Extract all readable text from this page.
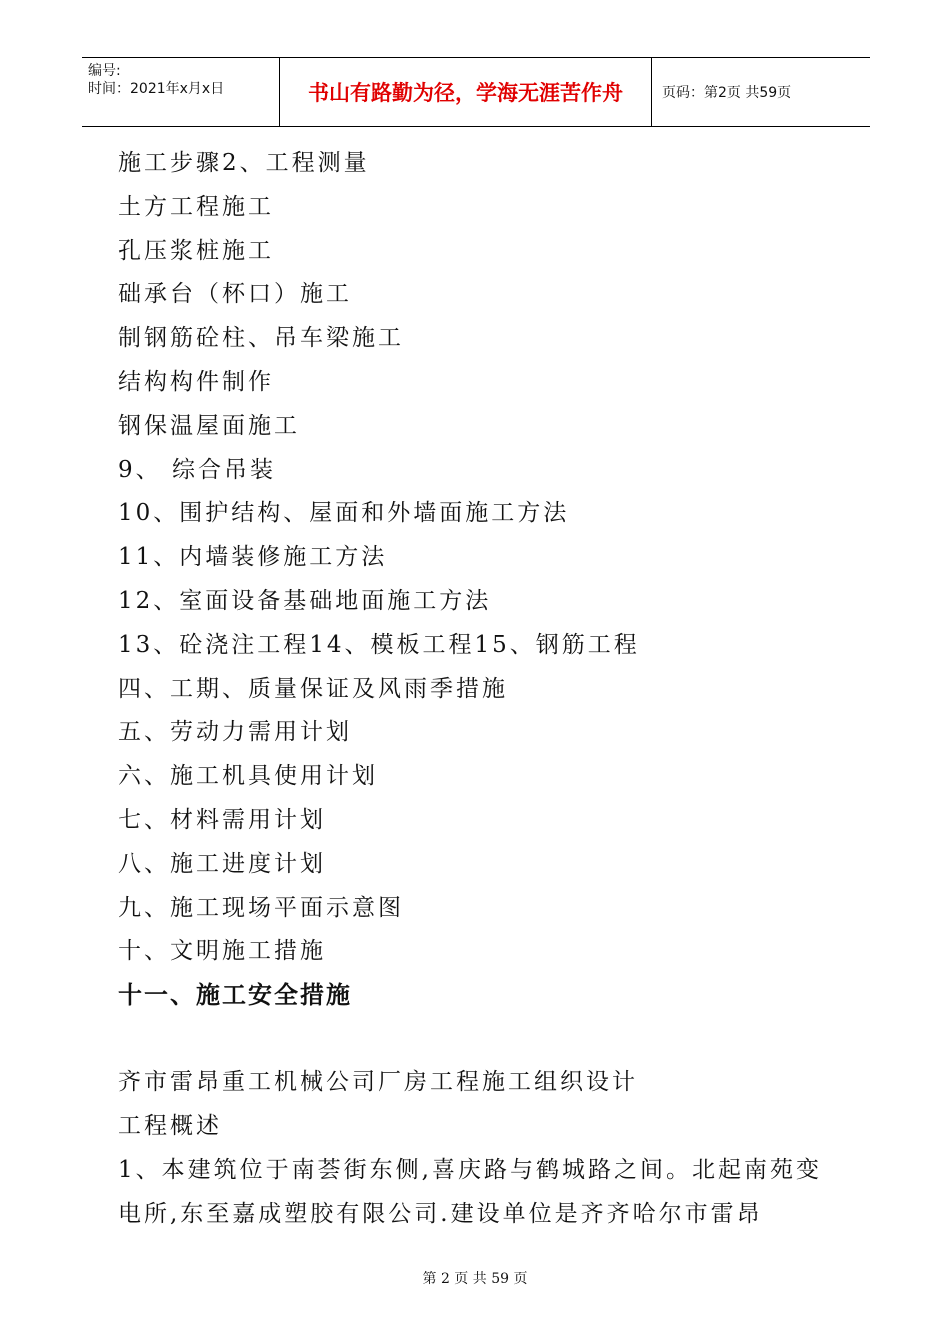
编号:
时间：2021年x月x日	书山有路勤为径，学海无涯苦作舟	页码：第2页 共59页
施工步骤2、工程测量
土方工程施工
孔压浆桩施工
础承台（杯口）施工
制钢筋砼柱、吊车梁施工
结构构件制作
钢保温屋面施工
9、 综合吊装
10、围护结构、屋面和外墙面施工方法
11、内墙装修施工方法
12、室面设备基础地面施工方法
13、砼浇注工程14、模板工程15、钢筋工程
四、工期、质量保证及风雨季措施
五、劳动力需用计划
六、施工机具使用计划
七、材料需用计划
八、施工进度计划
九、施工现场平面示意图
十、文明施工措施
十一、施工安全措施
齐市雷昂重工机械公司厂房工程施工组织设计
工程概述
1、本建筑位于南荟街东侧,喜庆路与鹤城路之间。北起南苑变电所,东至嘉成塑胶有限公司.建设单位是齐齐哈尔市雷昂
第 2 页 共 59 页
